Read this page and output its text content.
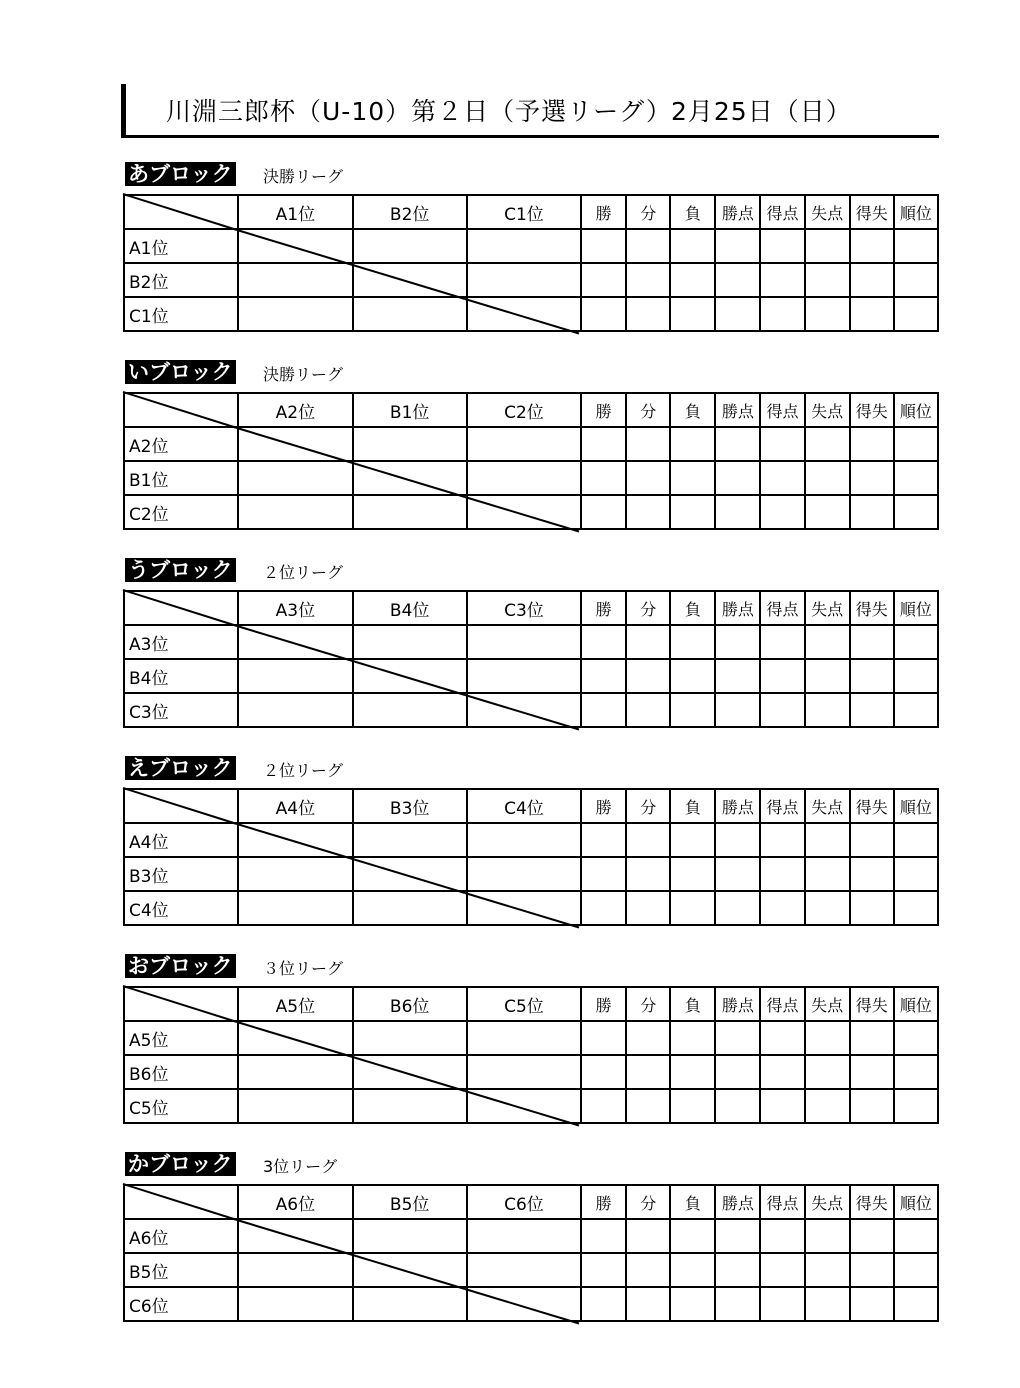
川淵三郎杯（U-10）第２日（予選リーグ） 2月25日（日）
あブロック 決勝リーグ
	A1位	B2位	C1位	勝	分	負	勝点	得点	失点	得失	順位
A1位											
B2位											
C1位											
いブロック 決勝リーグ
	A2位	B1位	C2位	勝	分	負	勝点	得点	失点	得失	順位
A2位											
B1位											
C2位											
うブロック ２位リーグ
	A3位	B4位	C3位	勝	分	負	勝点	得点	失点	得失	順位
A3位											
B4位											
C3位											
えブロック ２位リーグ
	A4位	B3位	C4位	勝	分	負	勝点	得点	失点	得失	順位
A4位											
B3位											
C4位											
おブロック ３位リーグ
	A5位	B6位	C5位	勝	分	負	勝点	得点	失点	得失	順位
A5位											
B6位											
C5位											
かブロック 3位リーグ
	A6位	B5位	C6位	勝	分	負	勝点	得点	失点	得失	順位
A6位											
B5位											
C6位											
